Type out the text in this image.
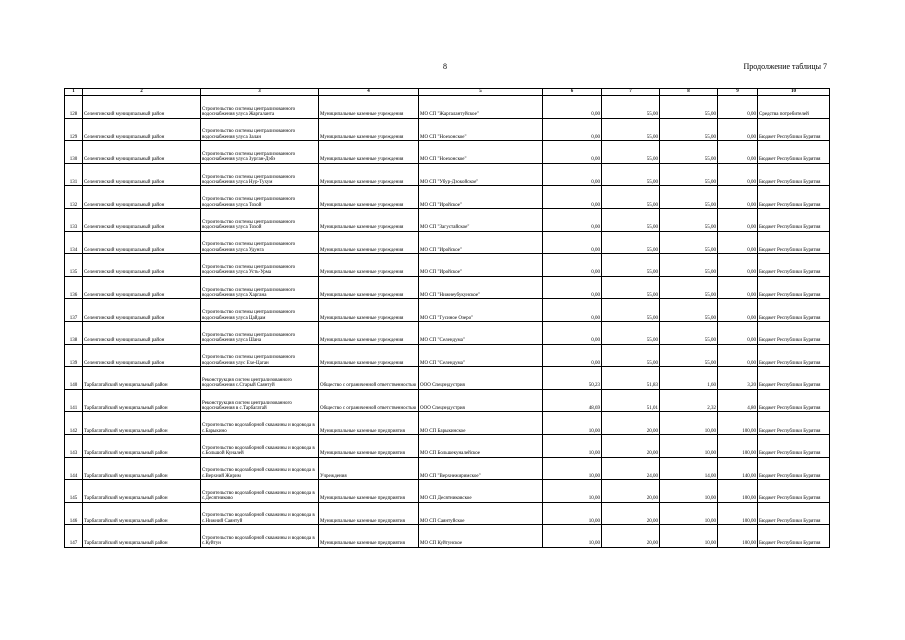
8	Продолжение таблицы 7
1	2	3	4	5	6	7	8	9	10
128	Селенгинский муниципальный район	Строительство системы централизованного водоснабжения улуса Жаргаланта	Муниципальные казенные учреждения	МО СП "Жаргалантуйское"	0,00	55,00	55,00	0,00	Средства потребителей
129	Селенгинский муниципальный район	Строительство системы централизованного водоснабжения улуса Залан	Муниципальные казенные учреждения	МО СП "Ноехонское"	0,00	55,00	55,00	0,00	Бюджет Республики Бурятия
130	Селенгинский муниципальный район	Строительство системы централизованного водоснабжения улуса Зурган-Дэбэ	Муниципальные казенные учреждения	МО СП "Ноехонское"	0,00	55,00	55,00	0,00	Бюджет Республики Бурятия
131	Селенгинский муниципальный район	Строительство системы централизованного водоснабжения улуса Нур-Тухум	Муниципальные казенные учреждения	МО СП "Убур-Дзокойское"	0,00	55,00	55,00	0,00	Бюджет Республики Бурятия
132	Селенгинский муниципальный район	Строительство системы централизованного водоснабжения улуса Тохой	Муниципальные казенные учреждения	МО СП "Иройское"	0,00	55,00	55,00	0,00	Бюджет Республики Бурятия
133	Селенгинский муниципальный район	Строительство системы централизованного водоснабжения улуса Тохой	Муниципальные казенные учреждения	МО СП "Загустайское"	0,00	55,00	55,00	0,00	Бюджет Республики Бурятия
134	Селенгинский муниципальный район	Строительство системы централизованного водоснабжения улуса Удунга	Муниципальные казенные учреждения	МО СП "Иройское"	0,00	55,00	55,00	0,00	Бюджет Республики Бурятия
135	Селенгинский муниципальный район	Строительство системы централизованного водоснабжения улуса Усть-Урма	Муниципальные казенные учреждения	МО СП "Иройское"	0,00	55,00	55,00	0,00	Бюджет Республики Бурятия
136	Селенгинский муниципальный район	Строительство системы централизованного водоснабжения улуса Харгана	Муниципальные казенные учреждения	МО СП "Нижнеубукунское"	0,00	55,00	55,00	0,00	Бюджет Республики Бурятия
137	Селенгинский муниципальный район	Строительство системы централизованного водоснабжения улуса Цайдам	Муниципальные казенные учреждения	МО СП "Гусиное Озеро"	0,00	55,00	55,00	0,00	Бюджет Республики Бурятия
138	Селенгинский муниципальный район	Строительство системы централизованного водоснабжения улуса Шана	Муниципальные казенные учреждения	МО СП "Селендума"	0,00	55,00	55,00	0,00	Бюджет Республики Бурятия
139	Селенгинский муниципальный район	Строительство системы централизованного водоснабжения улус Ехе-Цаган	Муниципальные казенные учреждения	МО СП "Селендума"	0,00	55,00	55,00	0,00	Бюджет Республики Бурятия
140	Тарбагатайский муниципальный район	Реконструкция систем централизованного водоснабжения с.Старый Саянтуй	Общество с ограниченной ответственностью	ООО Спецэндустрия	50,23	51,83	1,60	3,20	Бюджет Республики Бурятия
141	Тарбагатайский муниципальный район	Реконструкция систем централизованного водоснабжения в с.Тарбагатай	Общество с ограниченной ответственностью	ООО Спецэндустрия	48,69	51,01	2,32	4,80	Бюджет Республики Бурятия
142	Тарбагатайский муниципальный район	Строительство водозаборной скважины и водовода в с.Барыкино	Муниципальные казенные предприятия	МО СП Барыкинское	10,00	20,00	10,00	100,00	Бюджет Республики Бурятия
143	Тарбагатайский муниципальный район	Строительство водозаборной скважины и водовода в с.Большой Куналей	Муниципальные казенные предприятия	МО СП Большекуналейское	10,00	20,00	10,00	100,00	Бюджет Республики Бурятия
144	Тарбагатайский муниципальный район	Строительство водозаборной скважины и водовода в с.Верхний Жирим	Учреждения	МО СП "Верхнежиримское"	10,00	24,00	14,00	140,00	Бюджет Республики Бурятия
145	Тарбагатайский муниципальный район	Строительство водозаборной скважины и водовода в с.Десятниково	Муниципальные казенные предприятия	МО СП Десятниковское	10,00	20,00	10,00	100,00	Бюджет Республики Бурятия
146	Тарбагатайский муниципальный район	Строительство водозаборной скважины и водовода в с.Нижний Саянтуй	Муниципальные казенные предприятия	МО СП Саянтуйское	10,00	20,00	10,00	100,00	Бюджет Республики Бурятия
147	Тарбагатайский муниципальный район	Строительство водозаборной скважины и водовода в с.Куйтун	Муниципальные казенные предприятия	МО СП Куйтунское	10,00	20,00	10,00	100,00	Бюджет Республики Бурятия
